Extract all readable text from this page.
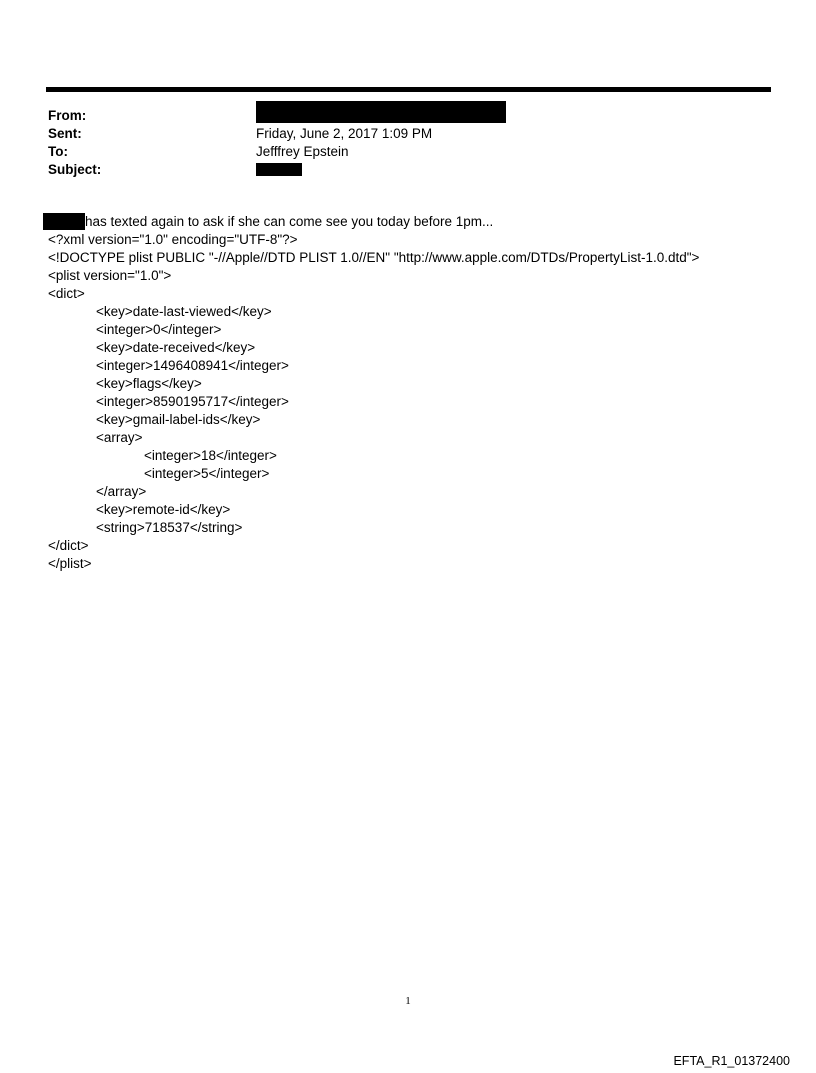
From:
Sent:	Friday, June 2, 2017 1:09 PM
To:	Jefffrey Epstein
Subject:
has texted again to ask if she can come see you today before 1pm...
<?xml version="1.0" encoding="UTF-8"?>
<!DOCTYPE plist PUBLIC "-//Apple//DTD PLIST 1.0//EN" "http://www.apple.com/DTDs/PropertyList-1.0.dtd">
<plist version="1.0">
<dict>
<key>date-last-viewed</key>
<integer>0</integer>
<key>date-received</key>
<integer>1496408941</integer>
<key>flags</key>
<integer>8590195717</integer>
<key>gmail-label-ids</key>
<array>
<integer>18</integer>
<integer>5</integer>
</array>
<key>remote-id</key>
<string>718537</string>
</dict>
</plist>
1
EFTA_R1_01372400
